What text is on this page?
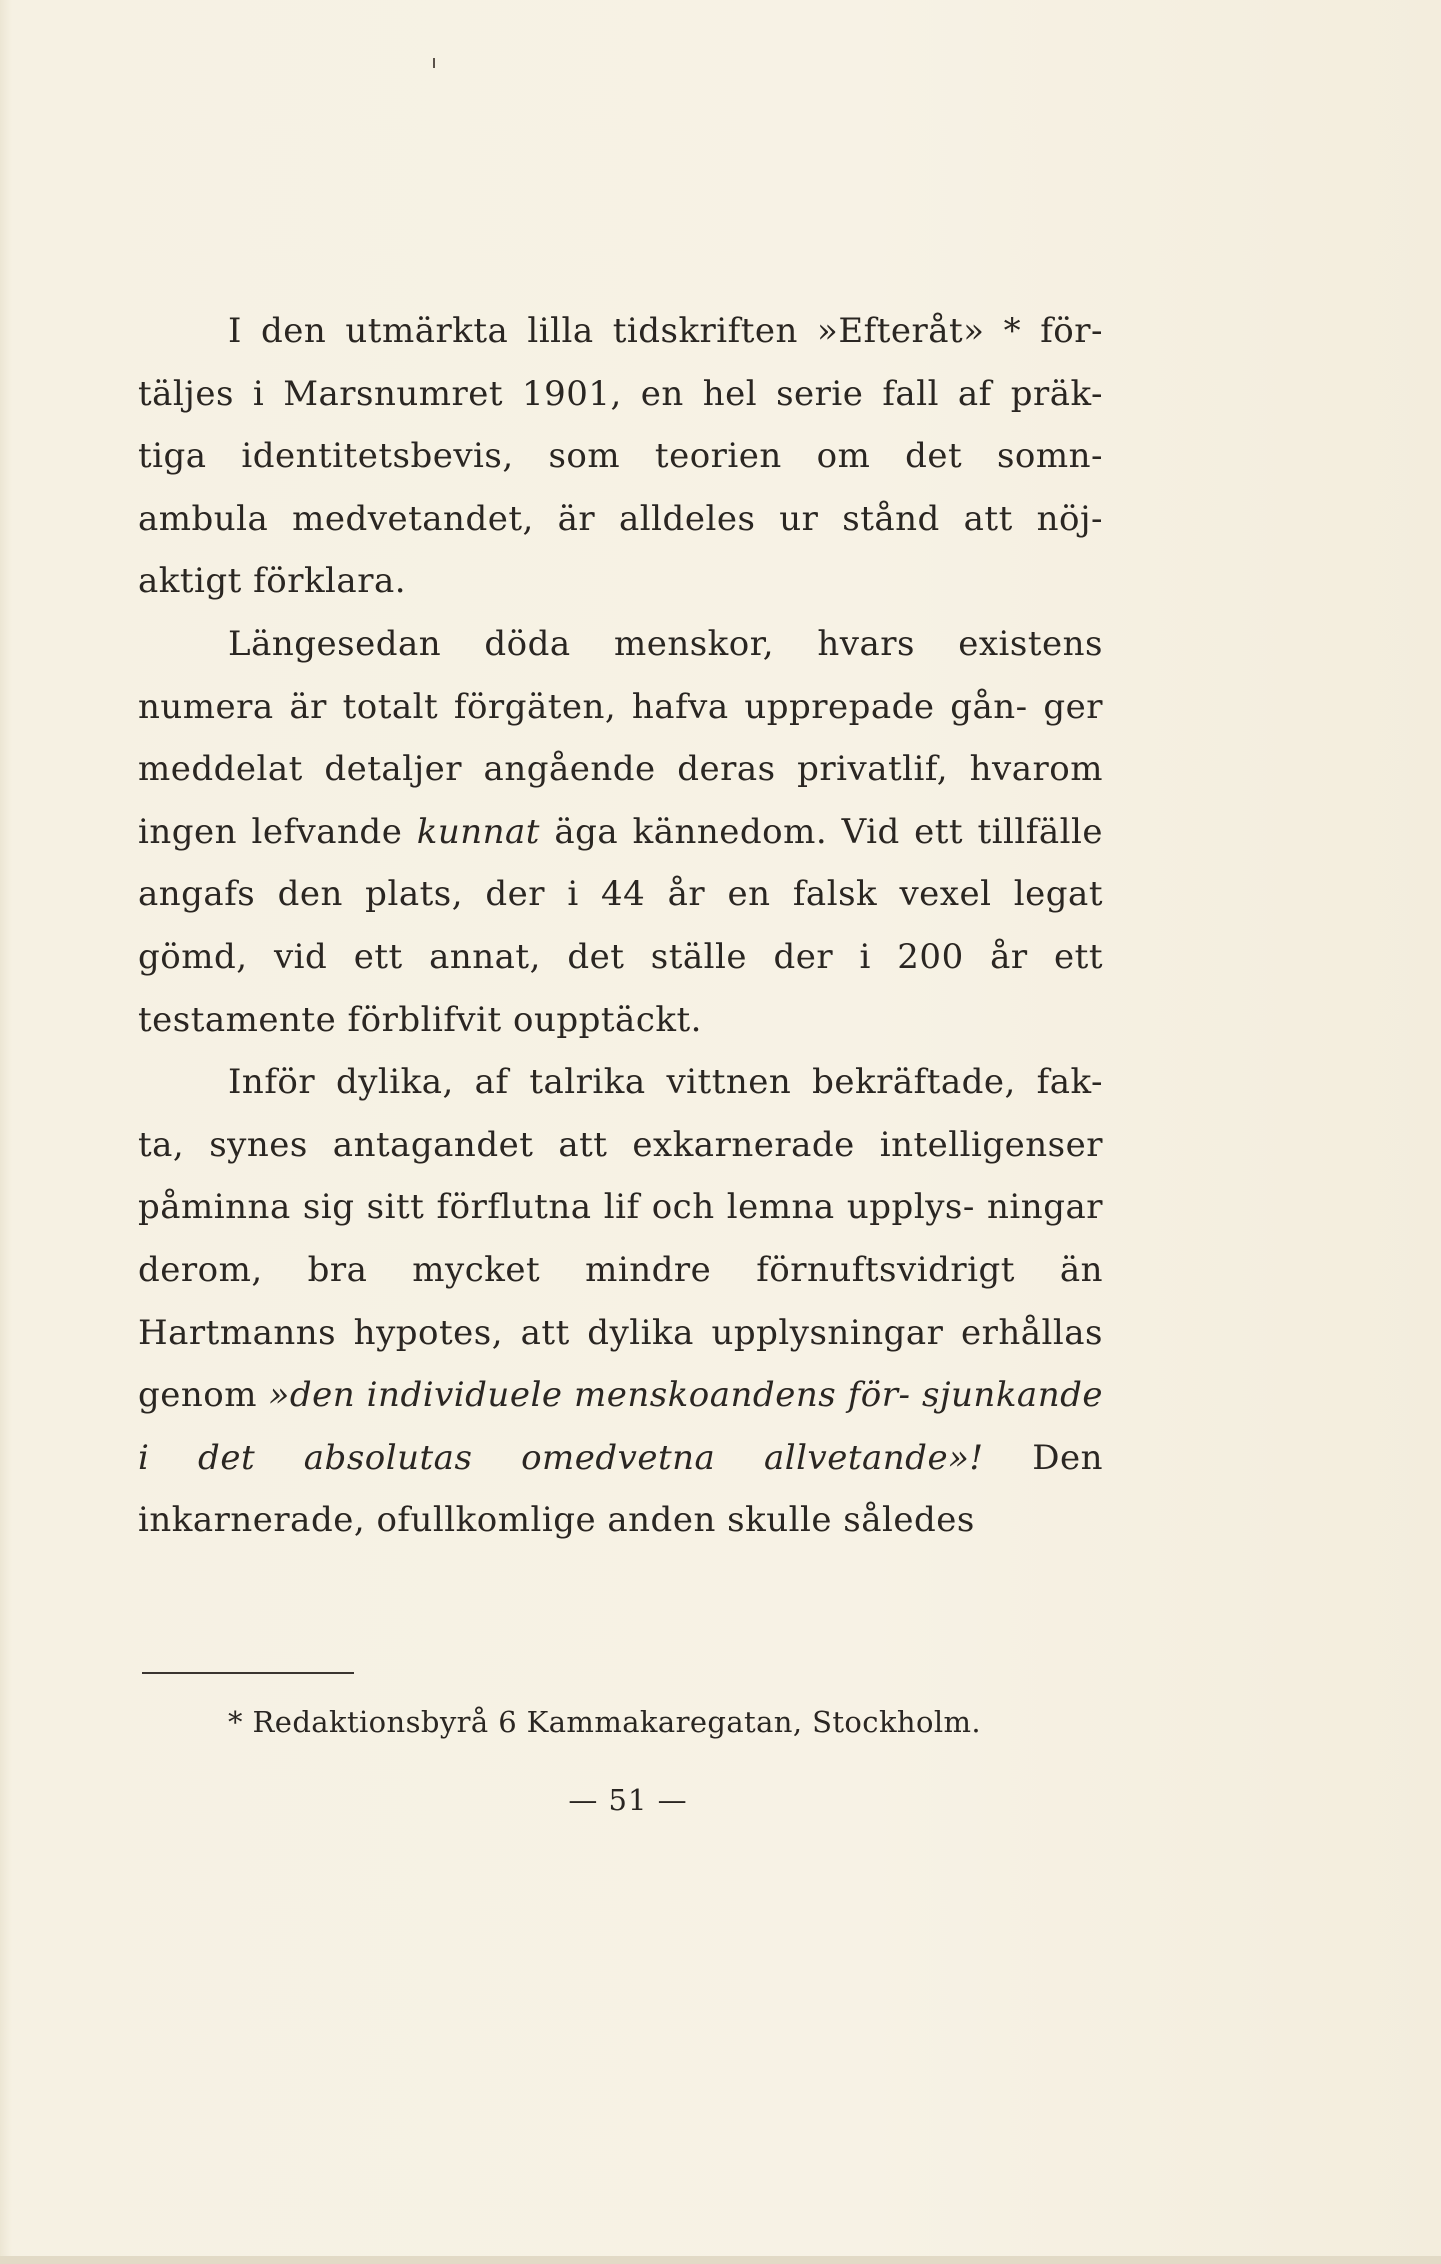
I den utmärkta lilla tidskriften »Efteråt» * för- täljes i Marsnumret 1901, en hel serie fall af präk- tiga identitetsbevis, som teorien om det somn- ambula medvetandet, är alldeles ur stånd att nöj- aktigt förklara.

Längesedan döda menskor, hvars existens numera är totalt förgäten, hafva upprepade gån- ger meddelat detaljer angående deras privatlif, hvarom ingen lefvande kunnat äga kännedom. Vid ett tillfälle angafs den plats, der i 44 år en falsk vexel legat gömd, vid ett annat, det ställe der i 200 år ett testamente förblifvit oupptäckt.

Inför dylika, af talrika vittnen bekräftade, fak- ta, synes antagandet att exkarnerade intelligenser påminna sig sitt förflutna lif och lemna upplys- ningar derom, bra mycket mindre förnuftsvidrigt än Hartmanns hypotes, att dylika upplysningar erhållas genom »den individuele menskoandens för- sjunkande i det absolutas omedvetna allvetande»! Den inkarnerade, ofullkomlige anden skulle således

* Redaktionsbyrå 6 Kammakaregatan, Stockholm.
— 51 —
